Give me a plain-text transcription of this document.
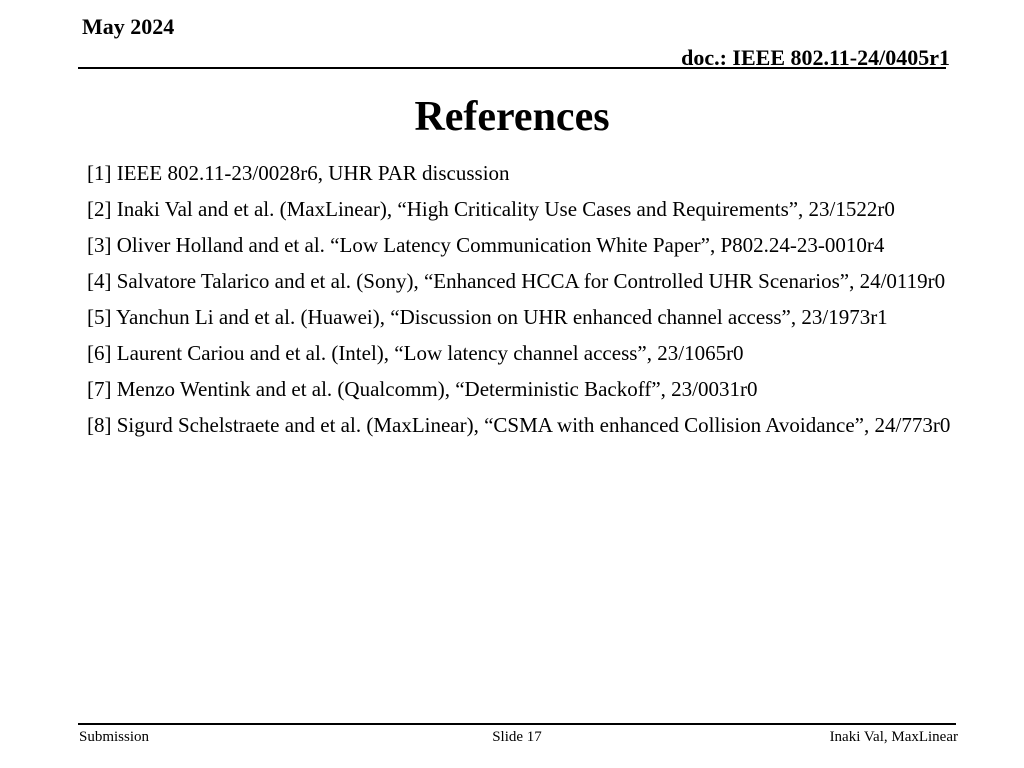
May 2024
doc.: IEEE 802.11-24/0405r1
References

[1] IEEE 802.11-23/0028r6, UHR PAR discussion

[2] Inaki Val and et al. (MaxLinear), “High Criticality Use Cases and Requirements”, 23/1522r0

[3] Oliver Holland and et al. “Low Latency Communication White Paper”, P802.24-23-0010r4

[4] Salvatore Talarico and et al. (Sony), “Enhanced HCCA for Controlled UHR Scenarios”, 24/0119r0

[5] Yanchun Li and et al. (Huawei), “Discussion on UHR enhanced channel access”, 23/1973r1

[6] Laurent Cariou and et al. (Intel), “Low latency channel access”, 23/1065r0

[7] Menzo Wentink and et al. (Qualcomm), “Deterministic Backoff”, 23/0031r0

[8] Sigurd Schelstraete and et al. (MaxLinear), “CSMA with enhanced Collision Avoidance”, 24/773r0

Submission	Slide 17	Inaki Val, MaxLinear
